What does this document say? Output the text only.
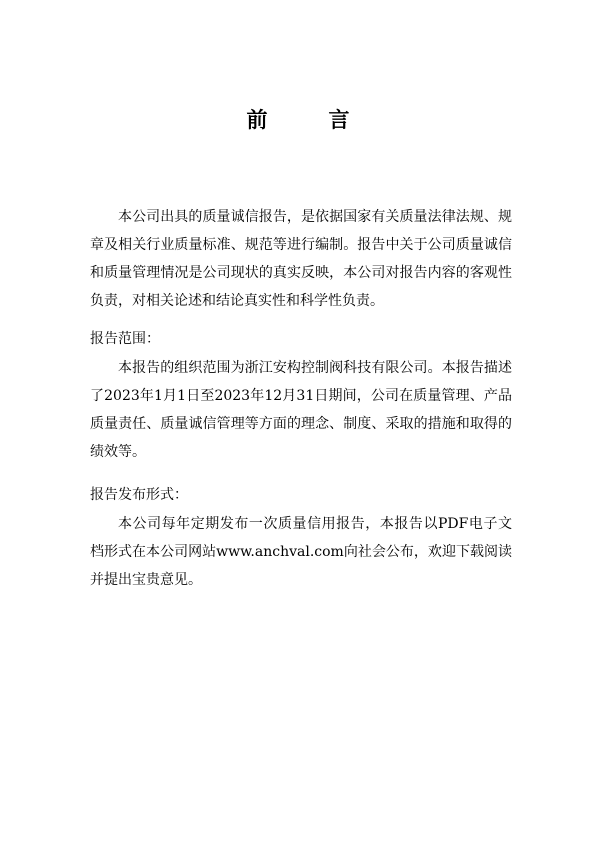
前　言

本公司出具的质量诚信报告，是依据国家有关质量法律法规、规章及相关行业质量标准、规范等进行编制。报告中关于公司质量诚信和质量管理情况是公司现状的真实反映，本公司对报告内容的客观性负责，对相关论述和结论真实性和科学性负责。

报告范围：

本报告的组织范围为浙江安构控制阀科技有限公司。本报告描述了2023年1月1日至2023年12月31日期间，公司在质量管理、产品质量责任、质量诚信管理等方面的理念、制度、采取的措施和取得的绩效等。

报告发布形式：

本公司每年定期发布一次质量信用报告，本报告以PDF电子文档形式在本公司网站www.anchval.com向社会公布，欢迎下载阅读并提出宝贵意见。
